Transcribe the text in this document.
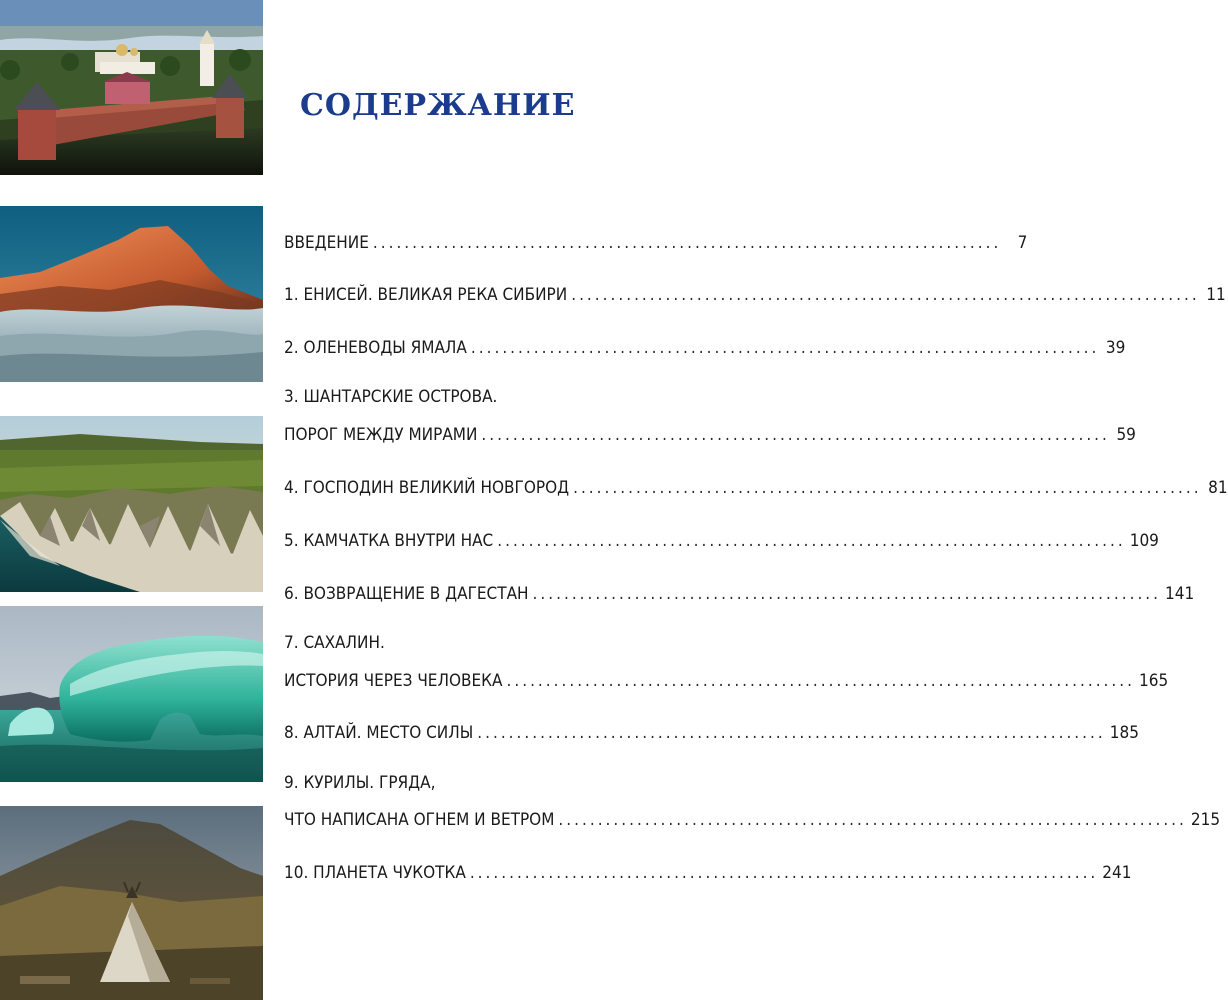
СОДЕРЖАНИЕ
ВВЕДЕНИЕ ................................................................................ 7
1. ЕНИСЕЙ. ВЕЛИКАЯ РЕКА СИБИРИ ................................................................................ 11
2. ОЛЕНЕВОДЫ ЯМАЛА ................................................................................ 39
3. ШАНТАРСКИЕ ОСТРОВА.
ПОРОГ МЕЖДУ МИРАМИ ................................................................................ 59
4. ГОСПОДИН ВЕЛИКИЙ НОВГОРОД ................................................................................ 81
5. КАМЧАТКА ВНУТРИ НАС ................................................................................ 109
6. ВОЗВРАЩЕНИЕ В ДАГЕСТАН ................................................................................ 141
7. САХАЛИН.
ИСТОРИЯ ЧЕРЕЗ ЧЕЛОВЕКА ................................................................................ 165
8. АЛТАЙ. МЕСТО СИЛЫ ................................................................................ 185
9. КУРИЛЫ. ГРЯДА,
ЧТО НАПИСАНА ОГНЕМ И ВЕТРОМ ................................................................................ 215
10. ПЛАНЕТА ЧУКОТКА ................................................................................ 241
